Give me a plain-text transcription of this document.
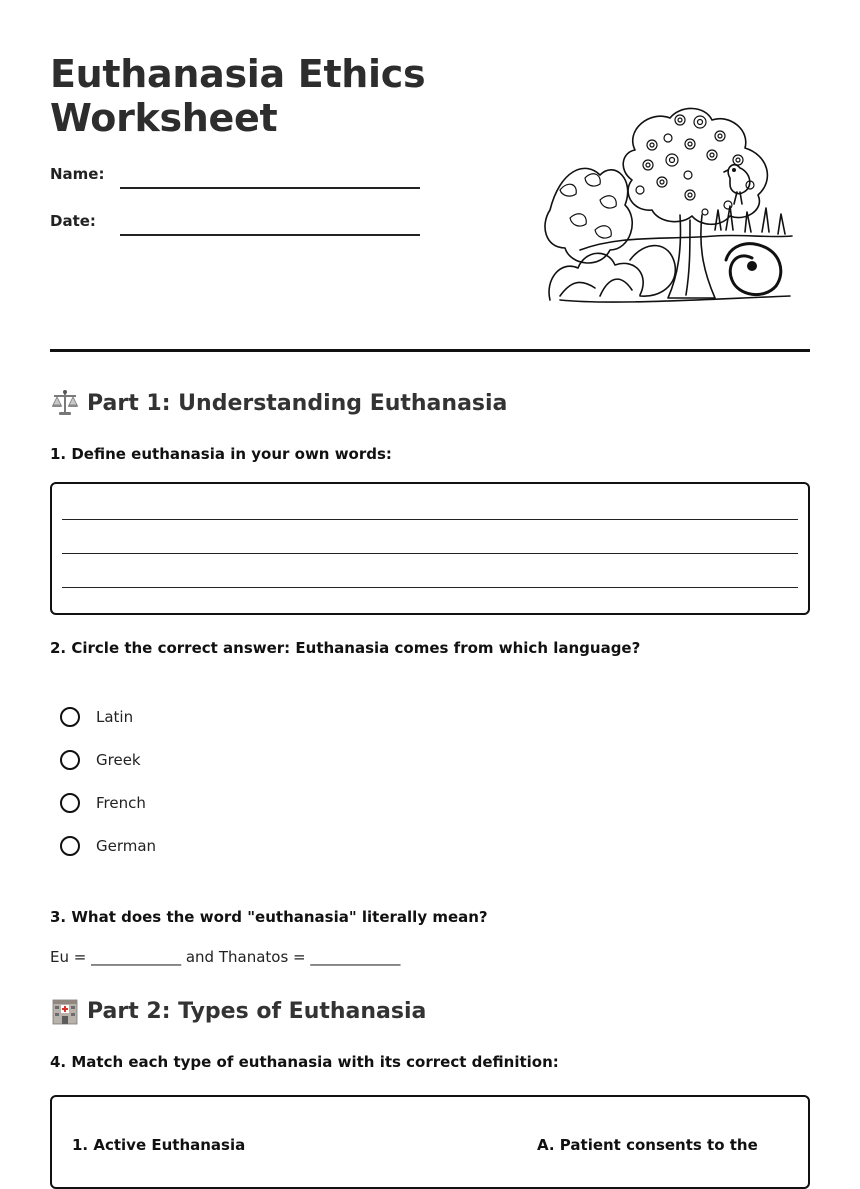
Euthanasia Ethics Worksheet
Name:
Date:
Part 1: Understanding Euthanasia
1. Define euthanasia in your own words:
2. Circle the correct answer: Euthanasia comes from which language?
Latin
Greek
French
German
3. What does the word "euthanasia" literally mean?
Eu = ____________ and Thanatos = ____________
Part 2: Types of Euthanasia
4. Match each type of euthanasia with its correct definition:
1. Active Euthanasia	A. Patient consents to the
